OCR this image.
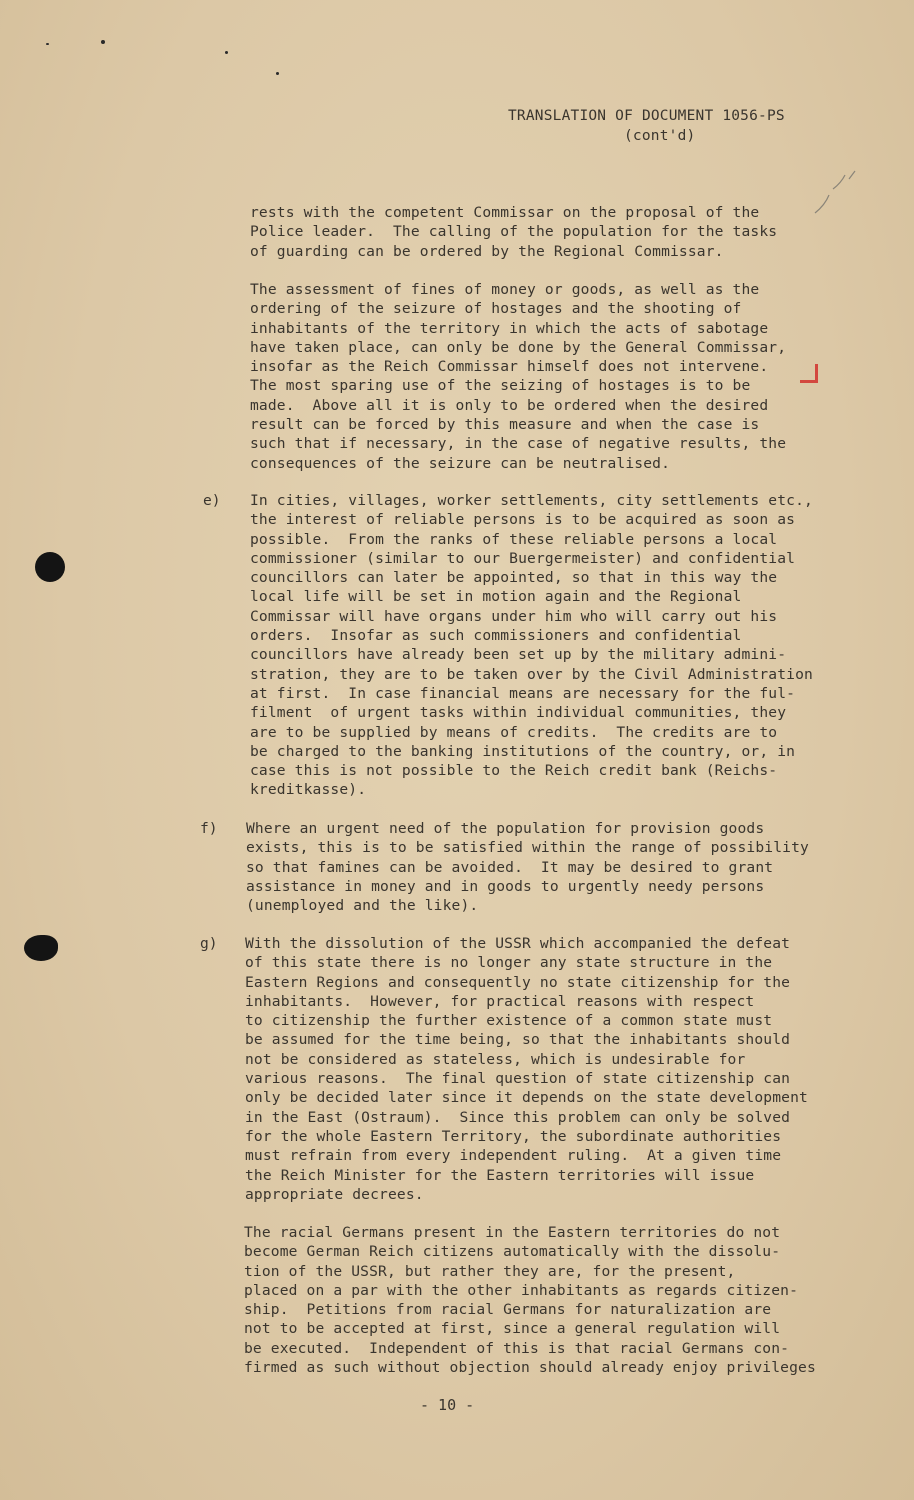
TRANSLATION OF DOCUMENT 1056-PS
(cont'd)
rests with the competent Commissar on the proposal of the
Police leader.  The calling of the population for the tasks
of guarding can be ordered by the Regional Commissar.
The assessment of fines of money or goods, as well as the
ordering of the seizure of hostages and the shooting of
inhabitants of the territory in which the acts of sabotage
have taken place, can only be done by the General Commissar,
insofar as the Reich Commissar himself does not intervene.
The most sparing use of the seizing of hostages is to be
made.  Above all it is only to be ordered when the desired
result can be forced by this measure and when the case is
such that if necessary, in the case of negative results, the
consequences of the seizure can be neutralised.
e) In cities, villages, worker settlements, city settlements etc.,
the interest of reliable persons is to be acquired as soon as
possible.  From the ranks of these reliable persons a local
commissioner (similar to our Buergermeister) and confidential
councillors can later be appointed, so that in this way the
local life will be set in motion again and the Regional
Commissar will have organs under him who will carry out his
orders.  Insofar as such commissioners and confidential
councillors have already been set up by the military admini-
stration, they are to be taken over by the Civil Administration
at first.  In case financial means are necessary for the ful-
filment  of urgent tasks within individual communities, they
are to be supplied by means of credits.  The credits are to
be charged to the banking institutions of the country, or, in
case this is not possible to the Reich credit bank (Reichs-
kreditkasse).
f) Where an urgent need of the population for provision goods
exists, this is to be satisfied within the range of possibility
so that famines can be avoided.  It may be desired to grant
assistance in money and in goods to urgently needy persons
(unemployed and the like).
g) With the dissolution of the USSR which accompanied the defeat
of this state there is no longer any state structure in the
Eastern Regions and consequently no state citizenship for the
inhabitants.  However, for practical reasons with respect
to citizenship the further existence of a common state must
be assumed for the time being, so that the inhabitants should
not be considered as stateless, which is undesirable for
various reasons.  The final question of state citizenship can
only be decided later since it depends on the state development
in the East (Ostraum).  Since this problem can only be solved
for the whole Eastern Territory, the subordinate authorities
must refrain from every independent ruling.  At a given time
the Reich Minister for the Eastern territories will issue
appropriate decrees.
The racial Germans present in the Eastern territories do not
become German Reich citizens automatically with the dissolu-
tion of the USSR, but rather they are, for the present,
placed on a par with the other inhabitants as regards citizen-
ship.  Petitions from racial Germans for naturalization are
not to be accepted at first, since a general regulation will
be executed.  Independent of this is that racial Germans con-
firmed as such without objection should already enjoy privileges
- 10 -
